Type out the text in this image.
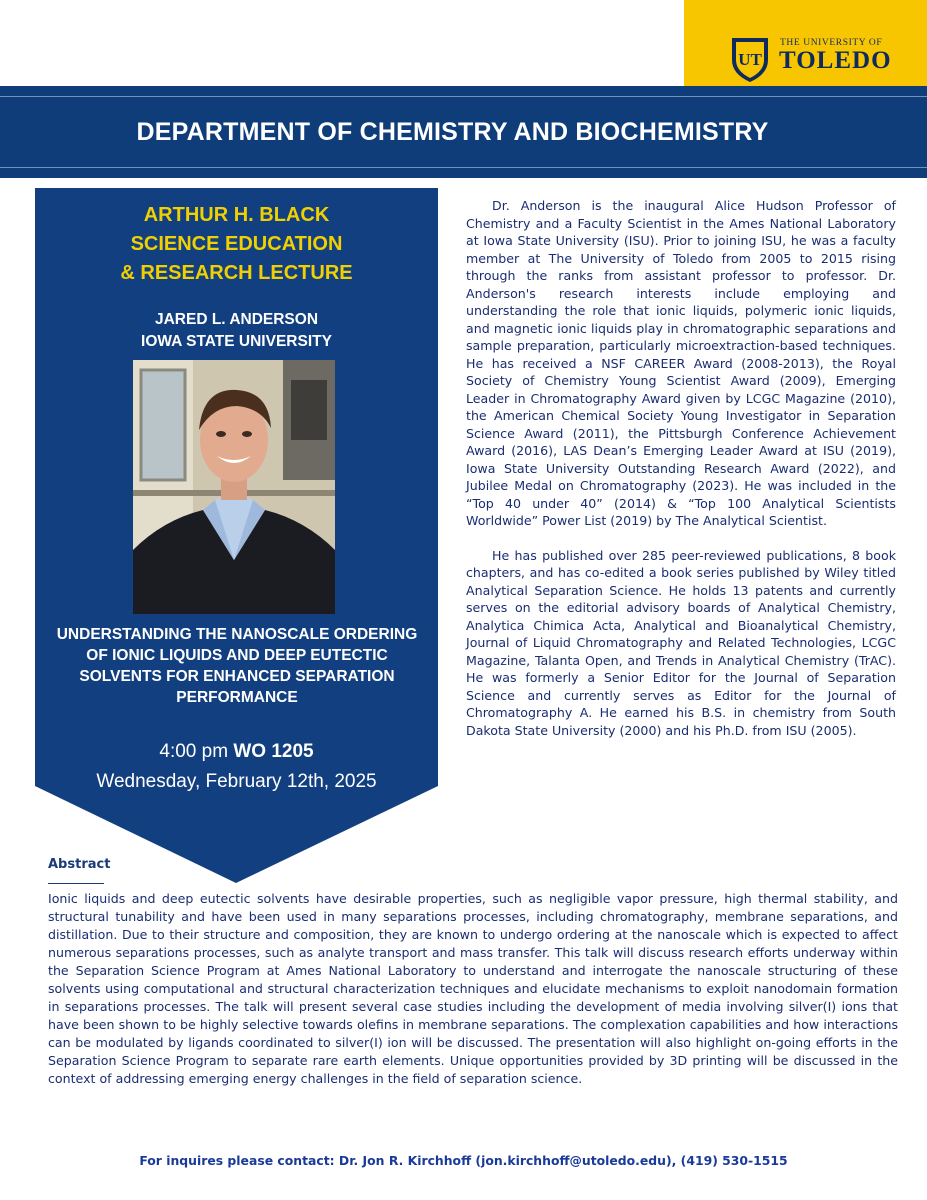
UT
THE UNIVERSITY OF
TOLEDO
DEPARTMENT OF CHEMISTRY AND BIOCHEMISTRY
ARTHUR H. BLACK
SCIENCE EDUCATION
& RESEARCH LECTURE
JARED L. ANDERSON
IOWA STATE UNIVERSITY
UNDERSTANDING THE NANOSCALE ORDERING OF IONIC LIQUIDS AND DEEP EUTECTIC SOLVENTS FOR ENHANCED SEPARATION PERFORMANCE
4:00 pm WO 1205
Wednesday, February 12th, 2025

Dr. Anderson is the inaugural Alice Hudson Professor of Chemistry and a Faculty Scientist in the Ames National Laboratory at Iowa State University (ISU). Prior to joining ISU, he was a faculty member at The University of Toledo from 2005 to 2015 rising through the ranks from assistant professor to professor. Dr. Anderson's research interests include employing and understanding the role that ionic liquids, polymeric ionic liquids, and magnetic ionic liquids play in chromatographic separations and sample preparation, particularly microextraction-based techniques. He has received a NSF CAREER Award (2008-2013), the Royal Society of Chemistry Young Scientist Award (2009), Emerging Leader in Chromatography Award given by LCGC Magazine (2010), the American Chemical Society Young Investigator in Separation Science Award (2011), the Pittsburgh Conference Achievement Award (2016), LAS Dean’s Emerging Leader Award at ISU (2019), Iowa State University Outstanding Research Award (2022), and Jubilee Medal on Chromatography (2023). He was included in the “Top 40 under 40” (2014) & “Top 100 Analytical Scientists Worldwide” Power List (2019) by The Analytical Scientist.

He has published over 285 peer-reviewed publications, 8 book chapters, and has co-edited a book series published by Wiley titled Analytical Separation Science. He holds 13 patents and currently serves on the editorial advisory boards of Analytical Chemistry, Analytica Chimica Acta, Analytical and Bioanalytical Chemistry, Journal of Liquid Chromatography and Related Technologies, LCGC Magazine, Talanta Open, and Trends in Analytical Chemistry (TrAC). He was formerly a Senior Editor for the Journal of Separation Science and currently serves as Editor for the Journal of Chromatography A. He earned his B.S. in chemistry from South Dakota State University (2000) and his Ph.D. from ISU (2005).

Abstract

Ionic liquids and deep eutectic solvents have desirable properties, such as negligible vapor pressure, high thermal stability, and structural tunability and have been used in many separations processes, including chromatography, membrane separations, and distillation. Due to their structure and composition, they are known to undergo ordering at the nanoscale which is expected to affect numerous separations processes, such as analyte transport and mass transfer. This talk will discuss research efforts underway within the Separation Science Program at Ames National Laboratory to understand and interrogate the nanoscale structuring of these solvents using computational and structural characterization techniques and elucidate mechanisms to exploit nanodomain formation in separations processes. The talk will present several case studies including the development of media involving silver(I) ions that have been shown to be highly selective towards olefins in membrane separations. The complexation capabilities and how interactions can be modulated by ligands coordinated to silver(I) ion will be discussed. The presentation will also highlight on-going efforts in the Separation Science Program to separate rare earth elements. Unique opportunities provided by 3D printing will be discussed in the context of addressing emerging energy challenges in the field of separation science.

For inquires please contact: Dr. Jon R. Kirchhoff (jon.kirchhoff@utoledo.edu), (419) 530-1515
